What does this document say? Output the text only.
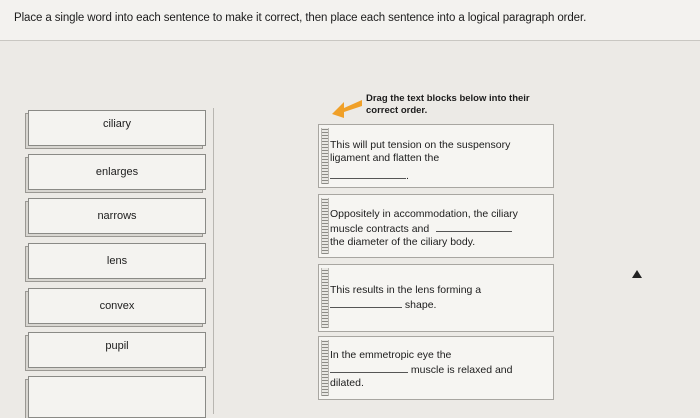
Place a single word into each sentence to make it correct, then place each sentence into a logical paragraph order.
ciliary
enlarges
narrows
lens
convex
pupil
Drag the text blocks below into their correct order.
This will put tension on the suspensory
ligament and flatten the
.
Oppositely in accommodation, the ciliary
muscle contracts and
the diameter of the ciliary body.
This results in the lens forming a
shape.
In the emmetropic eye the
muscle is relaxed and
dilated.
